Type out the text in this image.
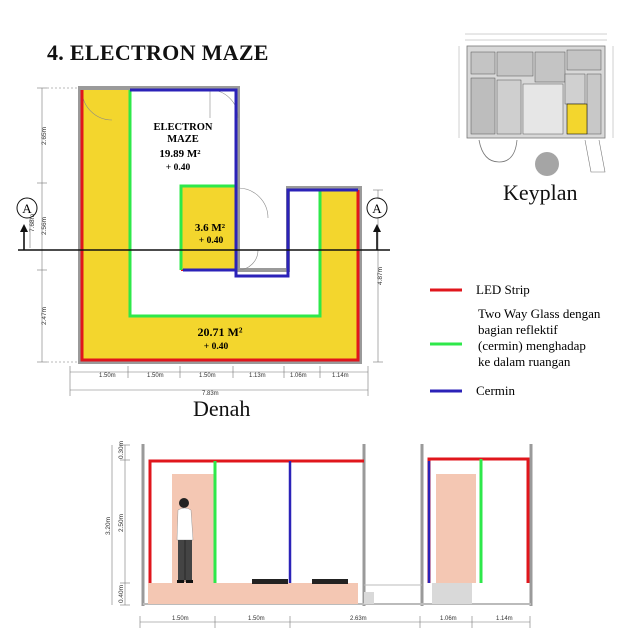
4. ELECTRON MAZE
A	A
ELECTRON
MAZE
19.89 M²
+ 0.40
3.6 M²
+ 0.40
20.71 M²
+ 0.40
1.50m	1.50m	1.50m	1.13m	1.06m	1.14m
7.83m
2.65m
2.56m
2.47m
7.68m
4.87m
Denah
Keyplan
LED Strip
Two Way Glass dengan
bagian reflektif
(cermin) menghadap
ke dalam ruangan
Cermin
0.30m
2.50m
0.40m
3.20m
1.50m	1.50m	2.63m	1.06m	1.14m
